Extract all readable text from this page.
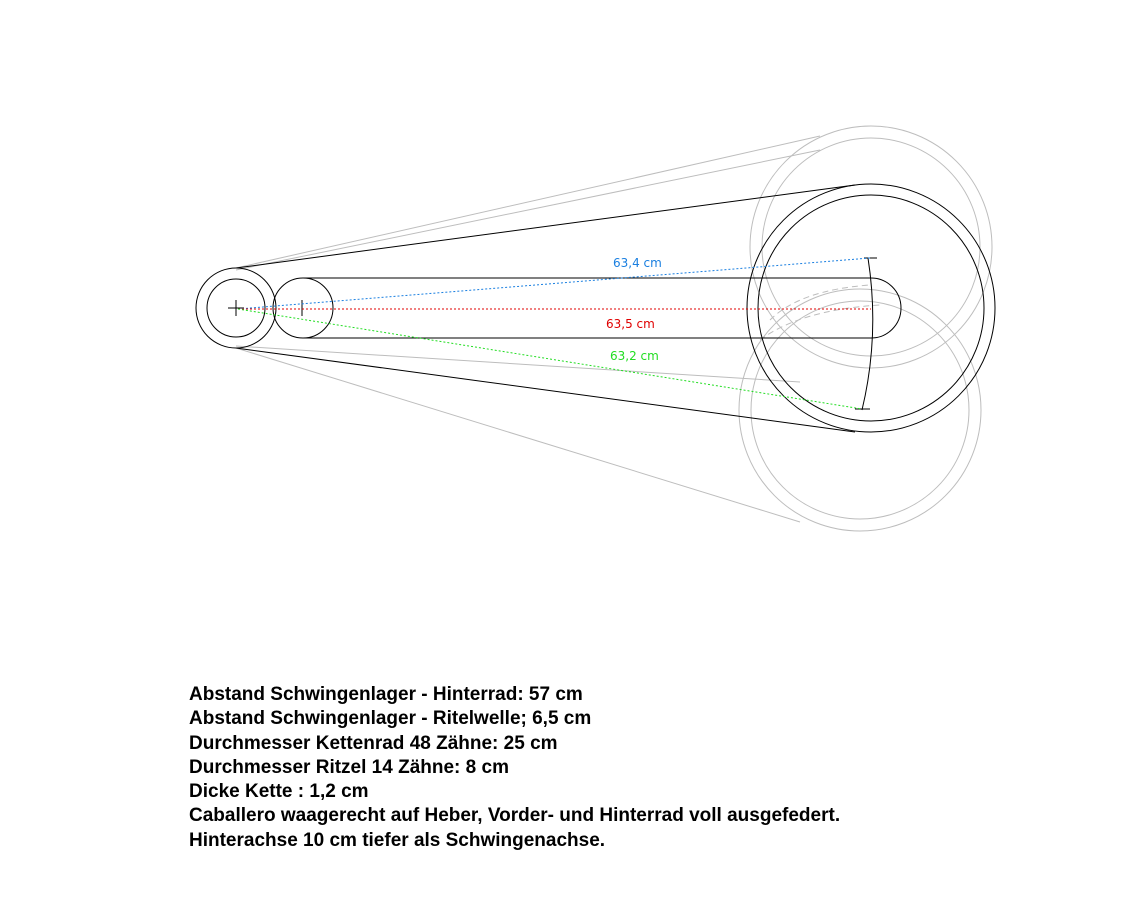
63,4 cm
63,5 cm
63,2 cm
Abstand Schwingenlager - Hinterrad: 57 cm
Abstand Schwingenlager - Ritelwelle; 6,5 cm
Durchmesser Kettenrad 48 Zähne: 25 cm
Durchmesser Ritzel 14 Zähne: 8 cm
Dicke Kette : 1,2 cm
Caballero waagerecht auf Heber, Vorder- und Hinterrad voll ausgefedert.
Hinterachse 10 cm tiefer als Schwingenachse.
